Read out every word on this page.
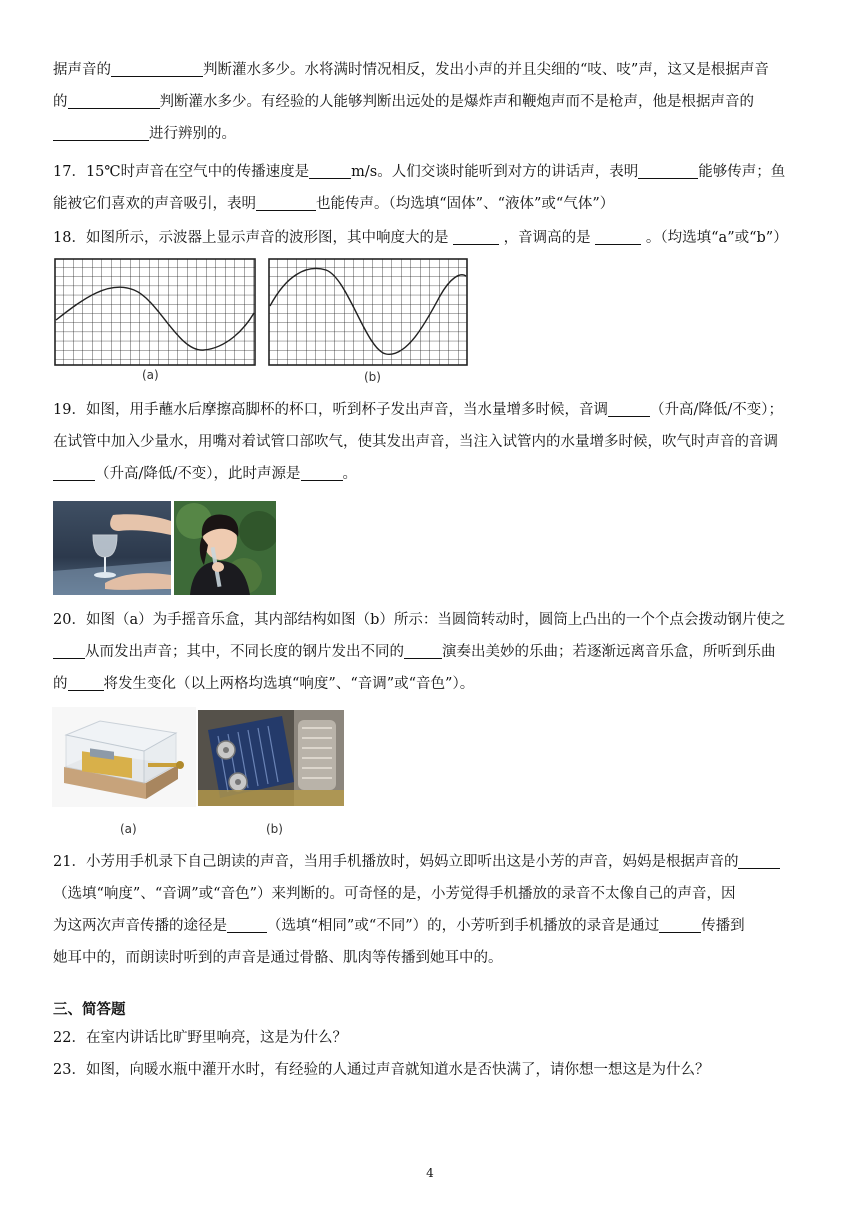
据声音的	判断灌水多少。水将满时情况相反，发出小声的并且尖细的“吱、吱”声，这又是根据声音

的	判断灌水多少。有经验的人能够判断出远处的是爆炸声和鞭炮声而不是枪声，他是根据声音的

进行辨别的。

17．15℃时声音在空气中的传播速度是	m/s。人们交谈时能听到对方的讲话声，表明	能够传声；鱼

能被它们喜欢的声音吸引，表明	也能传声。（均选填“固体”、“液体”或“气体”）

18．如图所示，示波器上显示声音的波形图，其中响度大的是	，音调高的是	。（均选填“a”或“b”）

(a)	(b)

19．如图，用手蘸水后摩擦高脚杯的杯口，听到杯子发出声音，当水量增多时候，音调	（升高/降低/不变）；

在试管中加入少量水，用嘴对着试管口部吹气，使其发出声音，当注入试管内的水量增多时候，吹气时声音的音调

（升高/降低/不变），此时声源是	。

20．如图（a）为手摇音乐盒，其内部结构如图（b）所示：当圆筒转动时，圆筒上凸出的一个个点会拨动钢片使之

从而发出声音；其中，不同长度的钢片发出不同的	演奏出美妙的乐曲；若逐渐远离音乐盒，所听到乐曲

的 将发生变化（以上两格均选填“响度”、“音调”或“音色”）。

(a)	(b)

21．小芳用手机录下自己朗读的声音，当用手机播放时，妈妈立即听出这是小芳的声音，妈妈是根据声音的

（选填“响度”、“音调”或“音色”）来判断的。可奇怪的是，小芳觉得手机播放的录音不太像自己的声音，因

为这两次声音传播的途径是	（选填“相同”或“不同”）的，小芳听到手机播放的录音是通过	传播到

她耳中的，而朗读时听到的声音是通过骨骼、肌肉等传播到她耳中的。

三、简答题

22．在室内讲话比旷野里响亮，这是为什么？

23．如图，向暖水瓶中灌开水时，有经验的人通过声音就知道水是否快满了，请你想一想这是为什么？

4
